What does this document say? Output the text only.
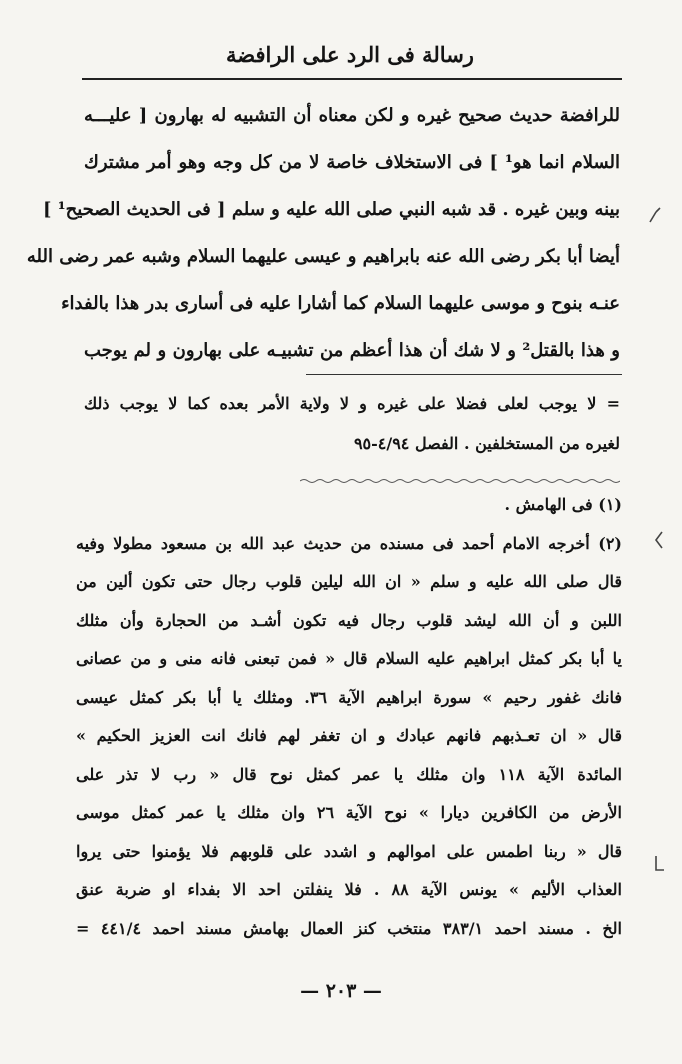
رسالة فى الرد على الرافضة
للرافضة حديث صحيح غيره و لكن معناه أن التشبيه له بهارون [ عليـــه
السلام انما هو¹ ] فى الاستخلاف خاصة لا من كل وجه وهو أمر مشترك
بينه وبين غيره . قد شبه النبي صلى الله عليه و سلم [ فى الحديث الصحيح¹ ]
أيضا أبا بكر رضى الله عنه بابراهيم و عيسى عليهما السلام وشبه عمر رضى الله
عنـه بنوح و موسى عليهما السلام كما أشارا عليه فى أسارى بدر هذا بالفداء
و هذا بالقتل² و لا شك أن هذا أعظم من تشبيـه على بهارون و لم يوجب
= لا يوجب لعلى فضلا على غيره و لا ولاية الأمر بعده كما لا يوجب ذلك
لغيره من المستخلفين . الفصل ٤/٩٤-٩٥
(١) فى الهامش .
(٢) أخرجه الامام أحمد فى مسنده من حديث عبد الله بن مسعود مطولا وفيه
قال صلى الله عليه و سلم « ان الله ليلين قلوب رجال حتى تكون ألين من
اللبن و أن الله ليشد قلوب رجال فيه تكون أشـد من الحجارة وأن مثلك
يا أبا بكر كمثل ابراهيم عليه السلام قال « فمن تبعنى فانه منى و من عصانى
فانك غفور رحيم » سورة ابراهيم الآية ٣٦. ومثلك يا أبا بكر كمثل عيسى
قال « ان تعـذبهم فانهم عبادك و ان تغفر لهم فانك انت العزيز الحكيم »
المائدة الآية ١١٨ وان مثلك يا عمر كمثل نوح قال « رب لا تذر على
الأرض من الكافرين ديارا » نوح الآية ٢٦ وان مثلك يا عمر كمثل موسى
قال « ربنا اطمس على اموالهم و اشدد على قلوبهم فلا يؤمنوا حتى يروا
العذاب الأليم » يونس الآية ٨٨ . فلا ينفلتن احد الا بفداء او ضربة عنق
الخ . مسند احمد ٣٨٣/١ منتخب كنز العمال بهامش مسند احمد ٤٤١/٤ =
— ٢٠٣ —
